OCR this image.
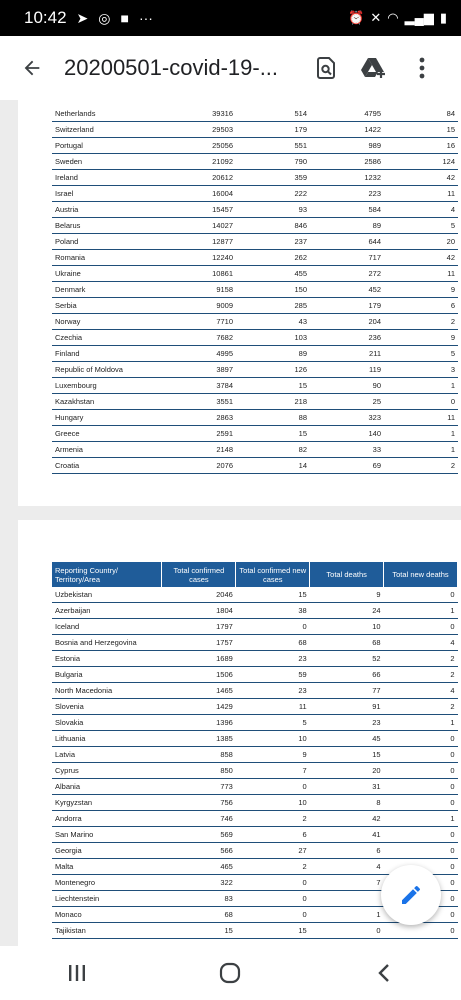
10:42 ➤ ◎ ■ ···	⏰ ✕ ◠ ▂▄▆ ▮
20200501-covid-19-...
Netherlands	39316	514	4795	84
Switzerland	29503	179	1422	15
Portugal	25056	551	989	16
Sweden	21092	790	2586	124
Ireland	20612	359	1232	42
Israel	16004	222	223	11
Austria	15457	93	584	4
Belarus	14027	846	89	5
Poland	12877	237	644	20
Romania	12240	262	717	42
Ukraine	10861	455	272	11
Denmark	9158	150	452	9
Serbia	9009	285	179	6
Norway	7710	43	204	2
Czechia	7682	103	236	9
Finland	4995	89	211	5
Republic of Moldova	3897	126	119	3
Luxembourg	3784	15	90	1
Kazakhstan	3551	218	25	0
Hungary	2863	88	323	11
Greece	2591	15	140	1
Armenia	2148	82	33	1
Croatia	2076	14	69	2
Reporting Country/ Territory/Area	Total confirmed cases	Total confirmed new cases	Total deaths	Total new deaths
Uzbekistan	2046	15	9	0
Azerbaijan	1804	38	24	1
Iceland	1797	0	10	0
Bosnia and Herzegovina	1757	68	68	4
Estonia	1689	23	52	2
Bulgaria	1506	59	66	2
North Macedonia	1465	23	77	4
Slovenia	1429	11	91	2
Slovakia	1396	5	23	1
Lithuania	1385	10	45	0
Latvia	858	9	15	0
Cyprus	850	7	20	0
Albania	773	0	31	0
Kyrgyzstan	756	10	8	0
Andorra	746	2	42	1
San Marino	569	6	41	0
Georgia	566	27	6	0
Malta	465	2	4	0
Montenegro	322	0	7	0
Liechtenstein	83	0		0
Monaco	68	0	1	0
Tajikistan	15	15	0	0
